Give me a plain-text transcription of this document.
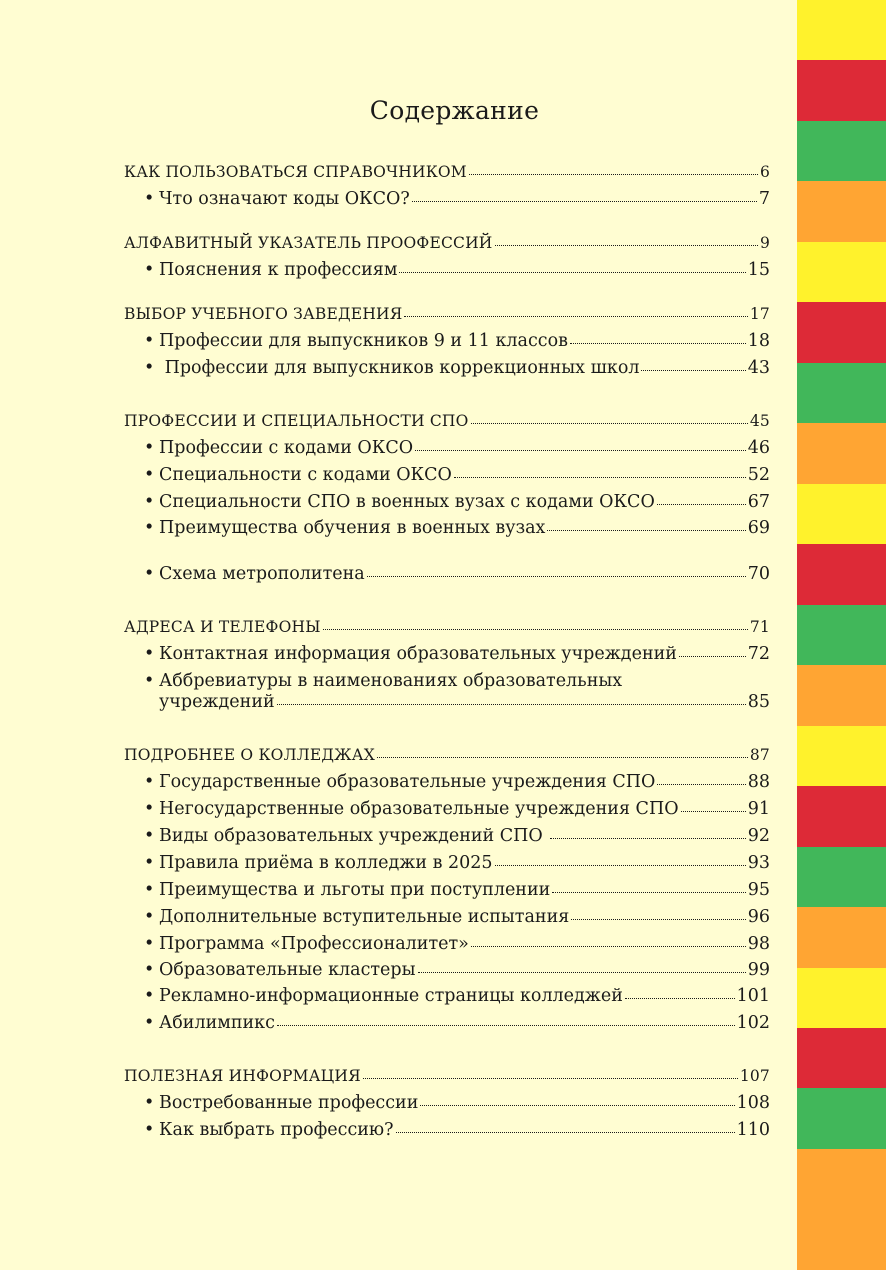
Содержание
КАК ПОЛЬЗОВАТЬСЯ СПРАВОЧНИКОМ	6
• Что означают коды ОКСО?	7
АЛФАВИТНЫЙ УКАЗАТЕЛЬ ПРООФЕССИЙ	9
• Пояснения к профессиям	15
ВЫБОР УЧЕБНОГО ЗАВЕДЕНИЯ	17
• Профессии для выпускников 9 и 11 классов	18
• Профессии для выпускников коррекционных школ	43
ПРОФЕССИИ И СПЕЦИАЛЬНОСТИ СПО	45
• Профессии с кодами ОКСО	46
• Специальности с кодами ОКСО	52
• Специальности СПО в военных вузах с кодами ОКСО	67
• Преимущества обучения в военных вузах	69
• Схема метрополитена	70
АДРЕСА И ТЕЛЕФОНЫ	71
• Контактная информация образовательных учреждений	72
• Аббревиатуры в наименованиях образовательных
учреждений	85
ПОДРОБНЕЕ О КОЛЛЕДЖАХ	87
• Государственные образовательные учреждения СПО	88
• Негосударственные образовательные учреждения СПО	91
• Виды образовательных учреждений СПО	92
• Правила приёма в колледжи в 2025	93
• Преимущества и льготы при поступлении	95
• Дополнительные вступительные испытания	96
• Программа «Профессионалитет»	98
• Образовательные кластеры	99
• Рекламно-информационные страницы колледжей	101
• Абилимпикс	102
ПОЛЕЗНАЯ ИНФОРМАЦИЯ	107
• Востребованные профессии	108
• Как выбрать профессию?	110
